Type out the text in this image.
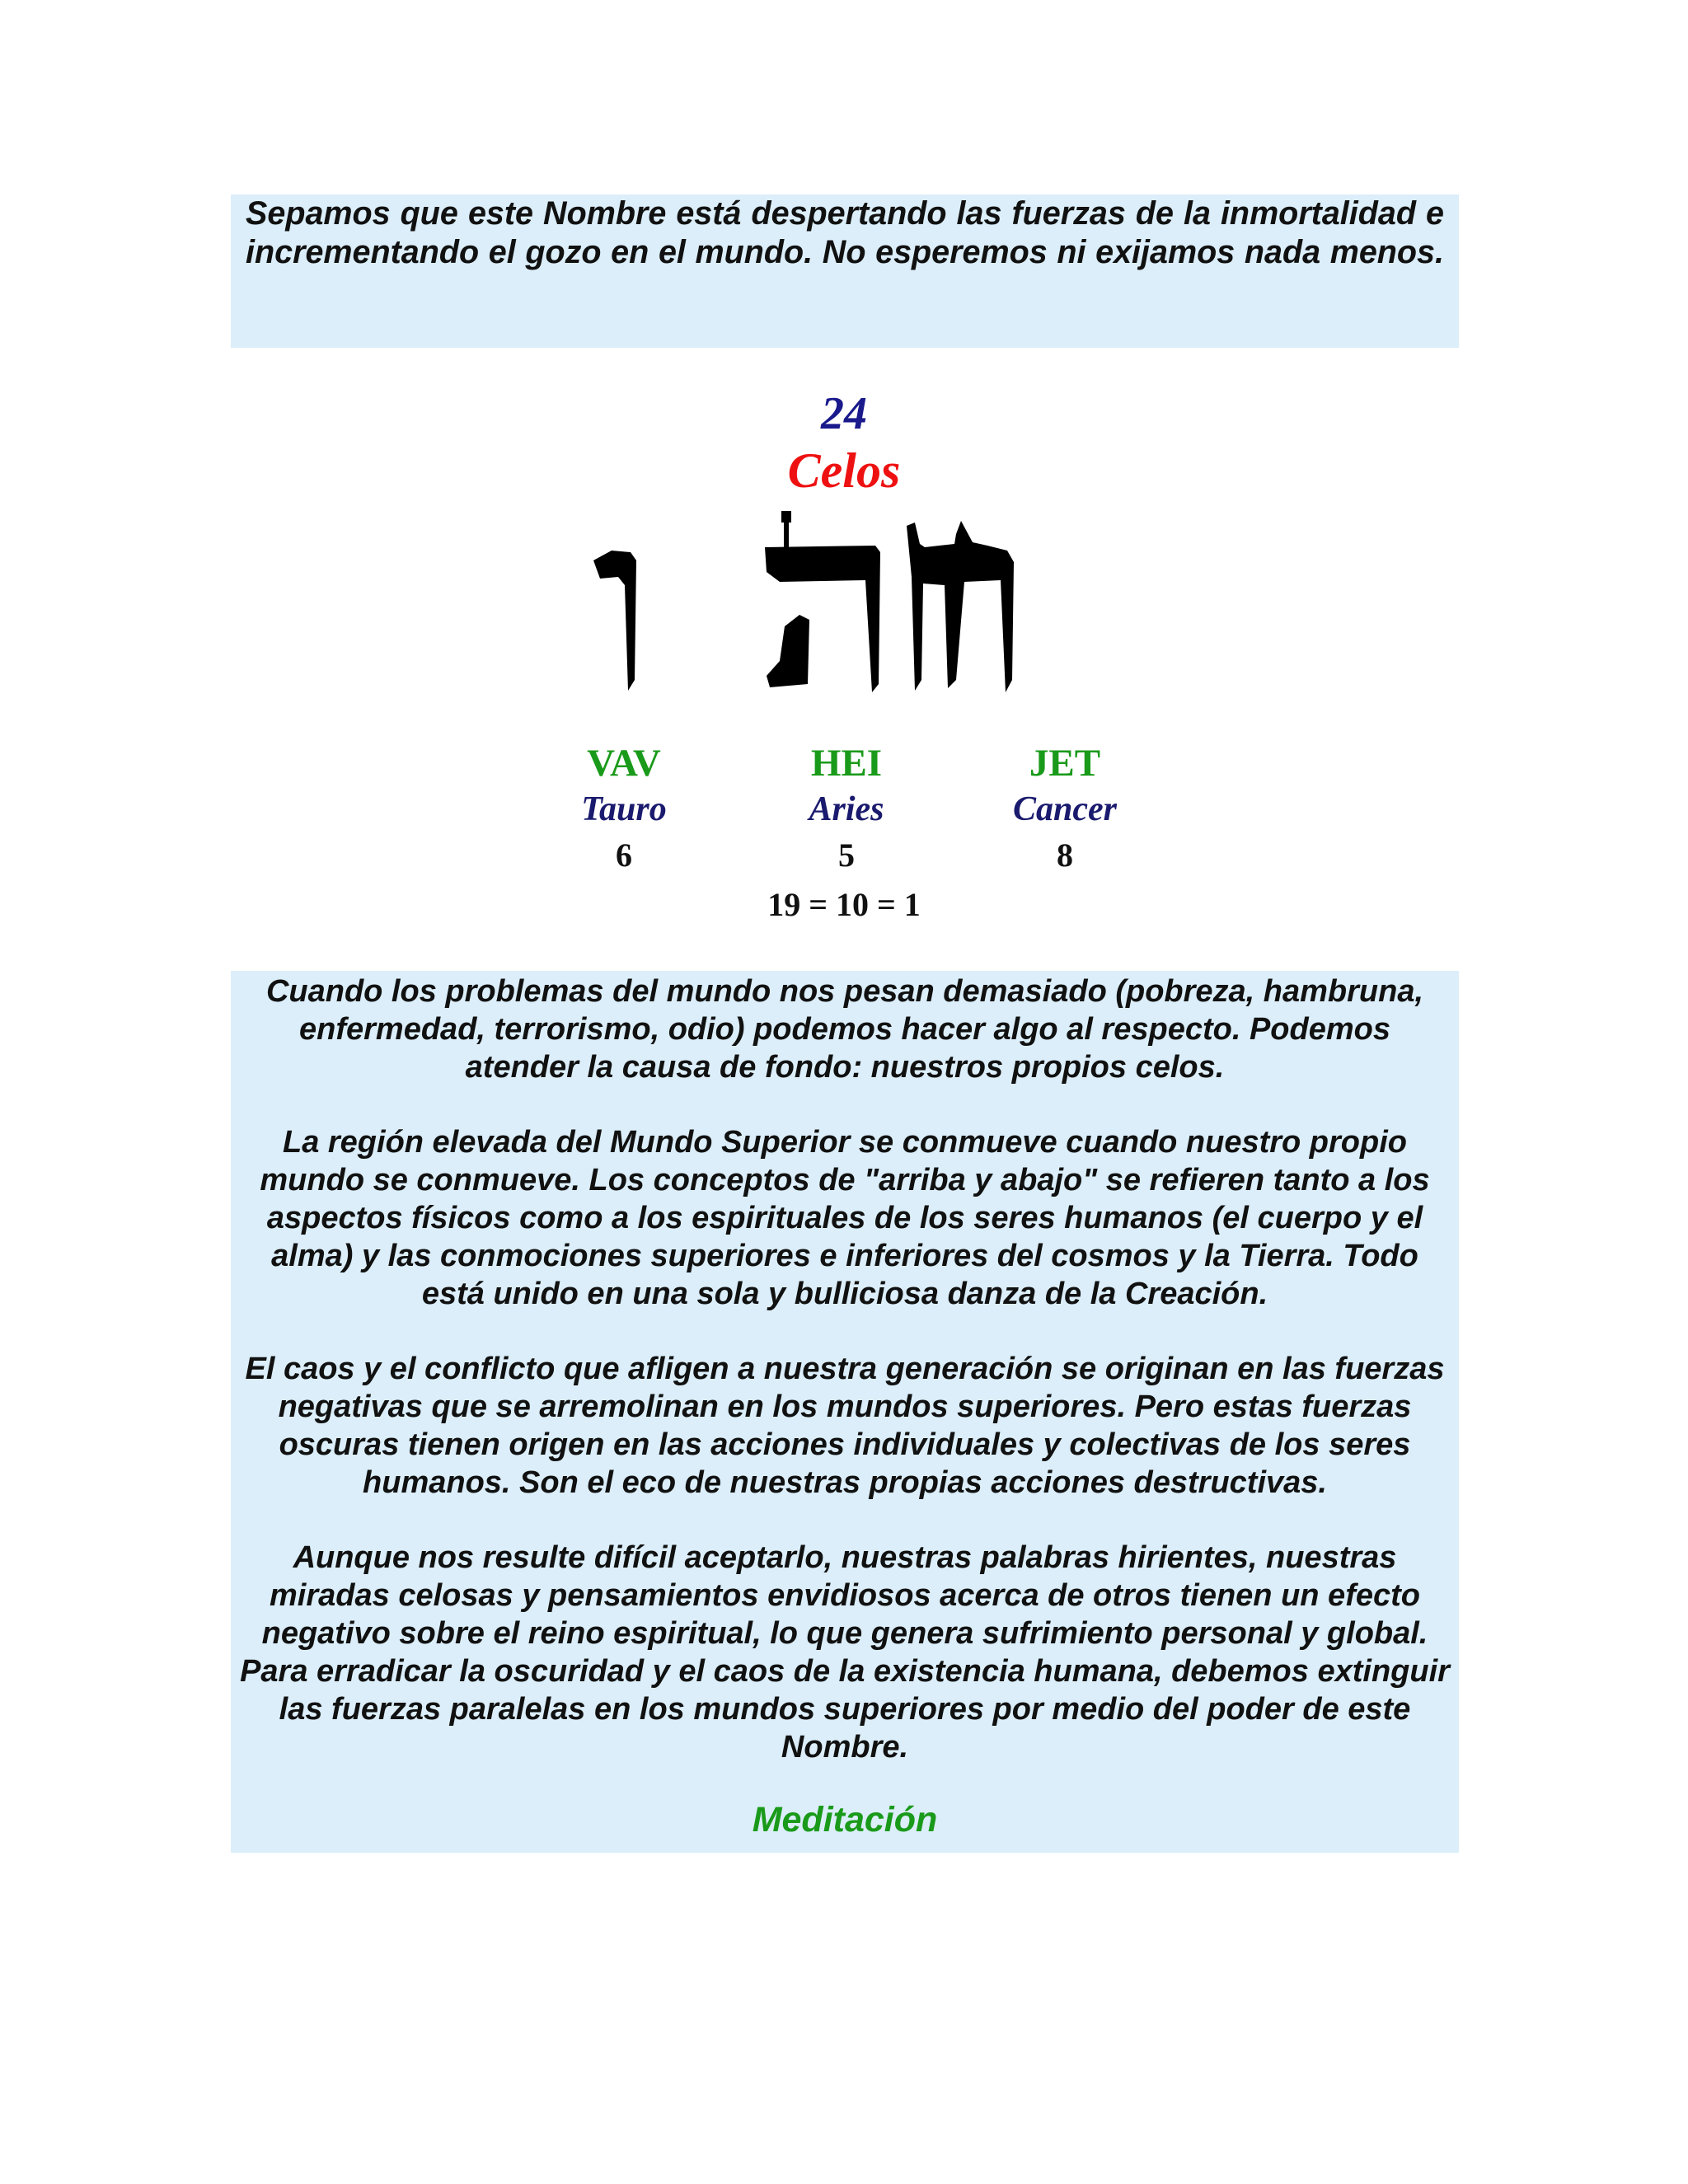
Sepamos que este Nombre está despertando las fuerzas de la inmortalidad e
incrementando el gozo en el mundo. No esperemos ni exijamos nada menos.

24
Celos
VAV
Tauro
6
HEI
Aries
5
JET
Cancer
8
19 = 10 = 1

Cuando los problemas del mundo nos pesan demasiado (pobreza, hambruna, enfermedad, terrorismo, odio) podemos hacer algo al respecto. Podemos atender la causa de fondo: nuestros propios celos.

La región elevada del Mundo Superior se conmueve cuando nuestro propio mundo se conmueve. Los conceptos de "arriba y abajo" se refieren tanto a los aspectos físicos como a los espirituales de los seres humanos (el cuerpo y el alma) y las conmociones superiores e inferiores del cosmos y la Tierra. Todo está unido en una sola y bulliciosa danza de la Creación.

El caos y el conflicto que afligen a nuestra generación se originan en las fuerzas negativas que se arremolinan en los mundos superiores. Pero estas fuerzas oscuras tienen origen en las acciones individuales y colectivas de los seres humanos. Son el eco de nuestras propias acciones destructivas.

Aunque nos resulte difícil aceptarlo, nuestras palabras hirientes, nuestras miradas celosas y pensamientos envidiosos acerca de otros tienen un efecto negativo sobre el reino espiritual, lo que genera sufrimiento personal y global. Para erradicar la oscuridad y el caos de la existencia humana, debemos extinguir las fuerzas paralelas en los mundos superiores por medio del poder de este Nombre.

Meditación
